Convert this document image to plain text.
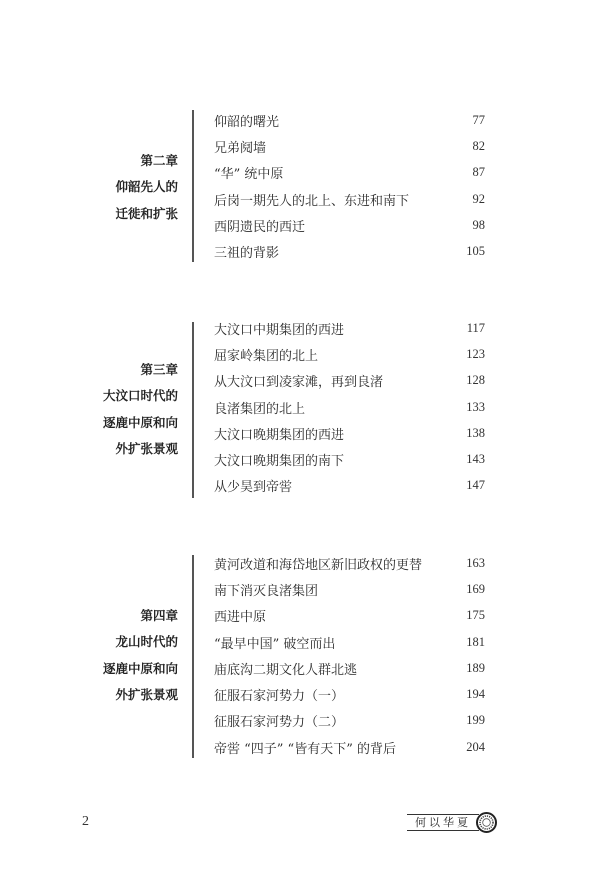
第二章
仰韶先人的
迁徙和扩张
仰韶的曙光	77
兄弟阋墙	82
“华” 统中原	87
后岗一期先人的北上、东进和南下	92
西阴遗民的西迁	98
三祖的背影	105
第三章
大汶口时代的
逐鹿中原和向
外扩张景观
大汶口中期集团的西进	117
屈家岭集团的北上	123
从大汶口到凌家滩，再到良渚	128
良渚集团的北上	133
大汶口晚期集团的西进	138
大汶口晚期集团的南下	143
从少昊到帝喾	147
第四章
龙山时代的
逐鹿中原和向
外扩张景观
黄河改道和海岱地区新旧政权的更替	163
南下消灭良渚集团	169
西进中原	175
“最早中国” 破空而出	181
庙底沟二期文化人群北逃	189
征服石家河势力（一）	194
征服石家河势力（二）	199
帝喾 “四子” “皆有天下” 的背后	204
2	何以华夏
